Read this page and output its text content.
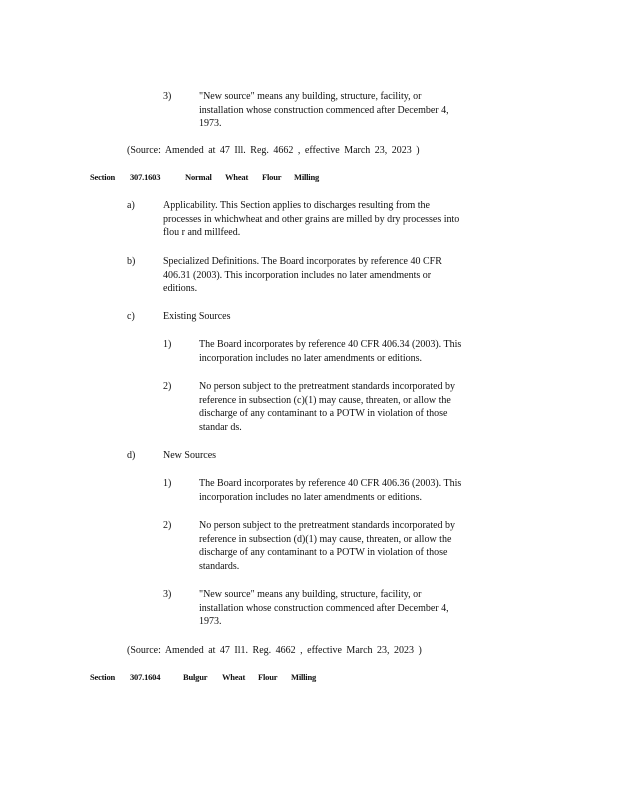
3)	"New source" means any building, structure, facility, or
installation whose construction commenced after December 4,
1973.
(Source: Amended at 47 Ill. Reg. 4662 , effective March 23, 2023 )
Section 307.1603	Normal Wheat Flour Milling
a)	Applicability. This Section applies to discharges resulting from the
processes in whichwheat and other grains are milled by dry processes into
flou r and millfeed.
b)	Specialized Definitions. The Board incorporates by reference 40 CFR
406.31 (2003). This incorporation includes no later amendments or
editions.
c)	Existing Sources
1)	The Board incorporates by reference 40 CFR 406.34 (2003). This
incorporation includes no later amendments or editions.
2)	No person subject to the pretreatment standards incorporated by
reference in subsection (c)(1) may cause, threaten, or allow the
discharge of any contaminant to a POTW in violation of those
standar ds.
d)	New Sources
1)	The Board incorporates by reference 40 CFR 406.36 (2003). This
incorporation includes no later amendments or editions.
2)	No person subject to the pretreatment standards incorporated by
reference in subsection (d)(1) may cause, threaten, or allow the
discharge of any contaminant to a POTW in violation of those
standards.
3)	"New source" means any building, structure, facility, or
installation whose construction commenced after December 4,
1973.
(Source: Amended at 47 Il1. Reg. 4662 , effective March 23, 2023 )
Section 307.1604	Bulgur Wheat Flour Milling
